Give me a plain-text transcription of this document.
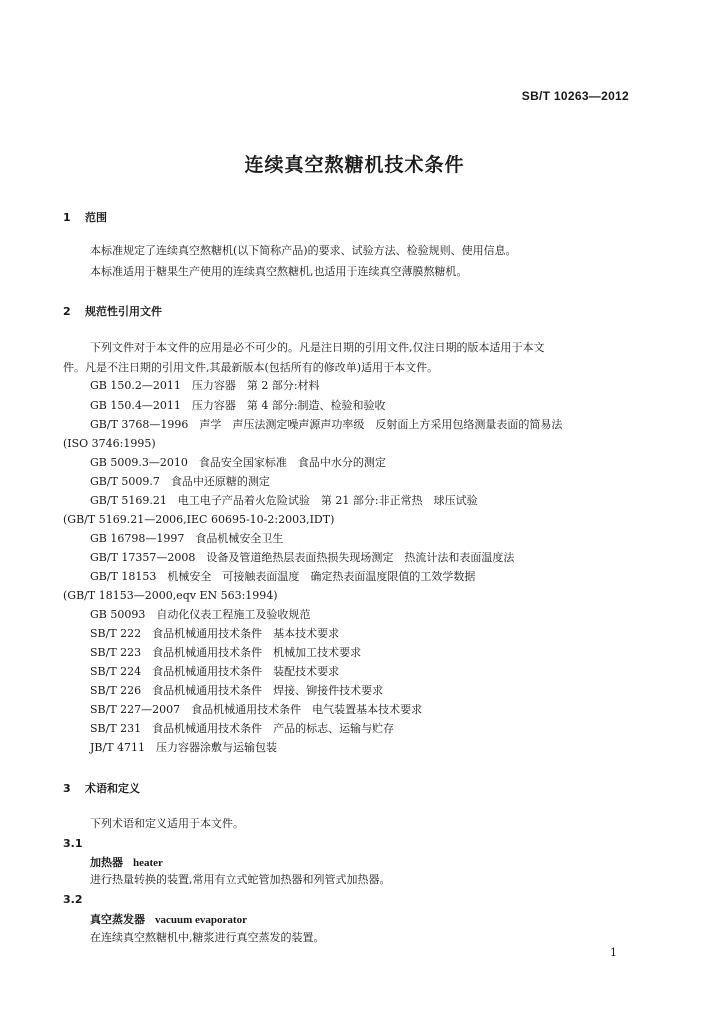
SB/T 10263—2012
连续真空熬糖机技术条件
1 范围
本标准规定了连续真空熬糖机(以下简称产品)的要求、试验方法、检验规则、使用信息。
本标准适用于糖果生产使用的连续真空熬糖机,也适用于连续真空薄膜熬糖机。
2 规范性引用文件
下列文件对于本文件的应用是必不可少的。凡是注日期的引用文件,仅注日期的版本适用于本文
件。凡是不注日期的引用文件,其最新版本(包括所有的修改单)适用于本文件。
GB 150.2—2011　压力容器　第 2 部分:材料
GB 150.4—2011　压力容器　第 4 部分:制造、检验和验收
GB/T 3768—1996　声学　声压法测定噪声源声功率级　反射面上方采用包络测量表面的简易法
(ISO 3746:1995)
GB 5009.3—2010　食品安全国家标准　食品中水分的测定
GB/T 5009.7　食品中还原糖的测定
GB/T 5169.21　电工电子产品着火危险试验　第 21 部分:非正常热　球压试验
(GB/T 5169.21—2006,IEC 60695-10-2:2003,IDT)
GB 16798—1997　食品机械安全卫生
GB/T 17357—2008　设备及管道绝热层表面热损失现场测定　热流计法和表面温度法
GB/T 18153　机械安全　可接触表面温度　确定热表面温度限值的工效学数据
(GB/T 18153—2000,eqv EN 563:1994)
GB 50093　自动化仪表工程施工及验收规范
SB/T 222　食品机械通用技术条件　基本技术要求
SB/T 223　食品机械通用技术条件　机械加工技术要求
SB/T 224　食品机械通用技术条件　装配技术要求
SB/T 226　食品机械通用技术条件　焊接、铆接件技术要求
SB/T 227—2007　食品机械通用技术条件　电气装置基本技术要求
SB/T 231　食品机械通用技术条件　产品的标志、运输与贮存
JB/T 4711　压力容器涂敷与运输包装
3 术语和定义
下列术语和定义适用于本文件。
3.1
加热器 heater
进行热量转换的装置,常用有立式蛇管加热器和列管式加热器。
3.2
真空蒸发器 vacuum evaporator
在连续真空熬糖机中,糖浆进行真空蒸发的装置。
1
